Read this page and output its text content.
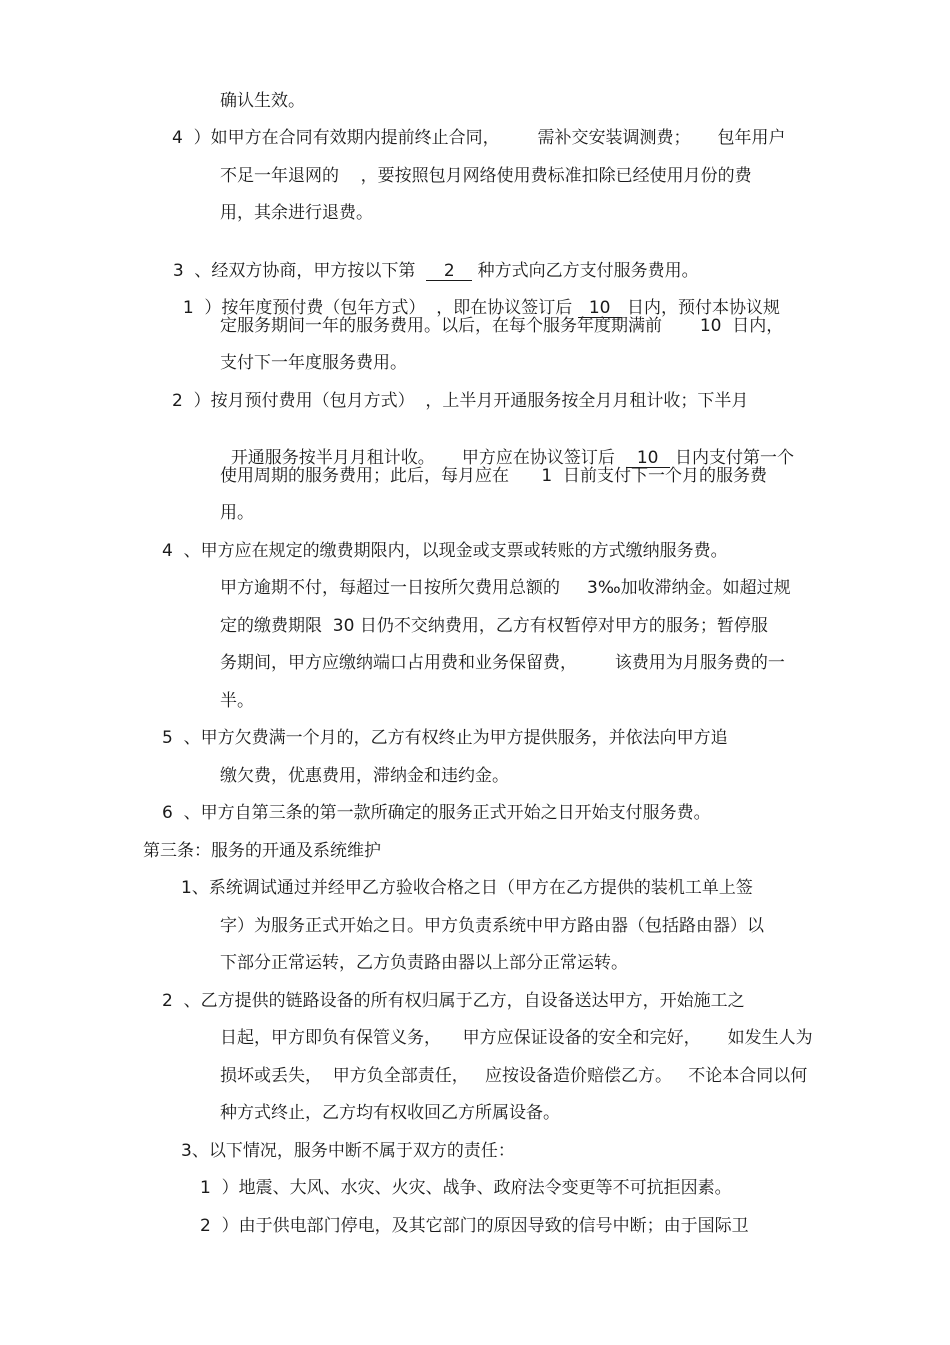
确认生效。
4  ）如甲方在合同有效期内提前终止合同，       需补交安装调测费；     包年用户
不足一年退网的    ，要按照包月网络使用费标准扣除已经使用月份的费
用，其余进行退费。

3  、经双方协商，甲方按以下第  2 种方式向乙方支付服务费用。

1  ）按年度预付费（包年方式）  ，即在协议签订后 10 日内，预付本协议规

定服务期间一年的服务费用。以后，在每个服务年度期满前       10  日内，
支付下一年度服务费用。
2  ）按月预付费用（包月方式）  ，上半月开通服务按全月月租计收；下半月

开通服务按半月月租计收。     甲方应在协议签订后  10 日内支付第一个

使用周期的服务费用；此后，每月应在      1  日前支付下一个月的服务费
用。
4  、甲方应在规定的缴费期限内，以现金或支票或转账的方式缴纳服务费。
甲方逾期不付，每超过一日按所欠费用总额的     3‰加收滞纳金。如超过规
定的缴费期限  30 日仍不交纳费用，乙方有权暂停对甲方的服务；暂停服
务期间，甲方应缴纳端口占用费和业务保留费，       该费用为月服务费的一
半。
5  、甲方欠费满一个月的，乙方有权终止为甲方提供服务，并依法向甲方追
缴欠费，优惠费用，滞纳金和违约金。
6  、甲方自第三条的第一款所确定的服务正式开始之日开始支付服务费。
第三条：服务的开通及系统维护
1、系统调试通过并经甲乙方验收合格之日（甲方在乙方提供的装机工单上签
字）为服务正式开始之日。甲方负责系统中甲方路由器（包括路由器）以
下部分正常运转，乙方负责路由器以上部分正常运转。
2  、乙方提供的链路设备的所有权归属于乙方，自设备送达甲方，开始施工之
日起，甲方即负有保管义务，    甲方应保证设备的安全和完好，     如发生人为
损坏或丢失，  甲方负全部责任，   应按设备造价赔偿乙方。   不论本合同以何
种方式终止，乙方均有权收回乙方所属设备。
3、以下情况，服务中断不属于双方的责任：
1  ）地震、大风、水灾、火灾、战争、政府法令变更等不可抗拒因素。
2  ）由于供电部门停电，及其它部门的原因导致的信号中断；由于国际卫
